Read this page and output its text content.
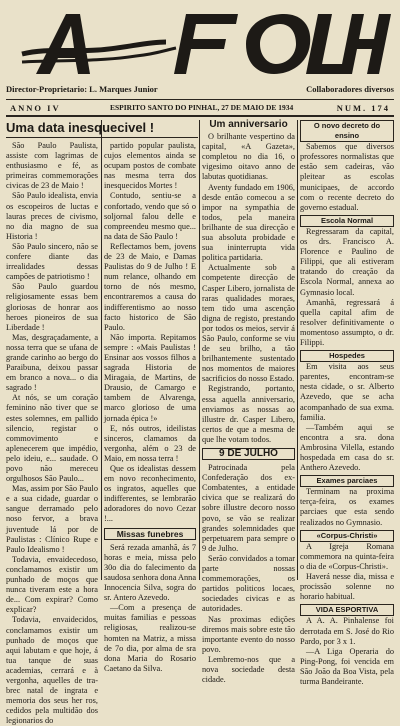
A FOLHA
Director-Proprietario: L. Marques Junior	Collaboradores diversos
ANNO IV	ESPIRITO SANTO DO PINHAL, 27 DE MAIO DE 1934	NUM. 174
Uma data inesquecivel !

São Paulo Paulista, assiste com lagrimas de enthusiasmo e fé, as primeiras commemorações civicas de 23 de Maio !

São Paulo idealista, envia os escopeiros de luctas e lauras preces de civismo, no dia magno de sua Historia !

São Paulo sincero, não se confere diante das irrealidades dessas campões de patriotismo !

São Paulo guardou religiosamente essas bem gloriosas de honrar aos heroes pioneiros de sua Liberdade !

Mas, desgraçadamente, a nossa terra que se ufana de grande carinho ao bergo do Paraibuna, deixou passar em branco a nova... o dia sagrado !

At nós, se um coração feminino não tiver que se estes solemnes, em pallido silencio, registar o commovimento e aplenecerem que impédio, pelo ideiu, e... saudade. O povo não mereceu orgulhosos São Paulo...

Mas, assim por São Paulo e a sua cidade, guardar o sangue derramado pelo noso fervor, a brava juventude lá por de Paulistas : Clínico Rupe e Paulo Idealismo !

Todavia, envaidecedoso, conclamamos existir um punhado de moços que nunca tiveram este a hora de... Com expirar? Como explicar?

Todavia, envaidecidos, conclamamos existir um punhado de moços que aqui labutam e que hoje, á tua tanque de suas academias, cerrará e à vergonha, aquelles de tra-brec natal de ingrata e memoria dos seus her ros, cedidos pela multidão dos legionarios do

partido popular paulista, cujos elementos ainda se ocupam postos de combate nas mesma terra dos inesquecidos Mortes !

Contudo, sentiu-se a confortado, vendo que só o soljornal falou delle e compreendeu mesmo que... na data de São Paulo !

Reflectamos bem, jovens de 23 de Maio, e Damas Paulistas do 9 de Julho ! E num relance, olhando em torno de nós mesmo, encontraremos a causa do indifferentismo ao nosso facto historico de São Paulo.

Não importa. Repitamos sempre : «Mais Paulistas ! Ensinar aos vossos filhos a sagrada Historia de Miragaia, de Martins, de Drausio, de Camargo e tambem de Alvarenga, marco glorioso de uma jornada épica !»

E, nós outros, ideilistas sinceros, clamamos da vergonha, além o 23 de Maio, em nossa terra !

Que os idealistas dessem em novo reconhecimento, os ingratos, aquelles que indifferentes, se lembrarão adoradores do novo Cezar !...

Missas funebres

Será rezada amanhã, ás 7 horas e meia, missa pelo 30o dia do falecimento da saudosa senhora dona Anna Innocencia Silva, sogra do sr. Antero Azevedo.

—Com a presença de muitas familias e pessoas religiosas, realizou-se homten na Matriz, a missa de 7o dia, por alma de sra dona Maria do Rosario Caetano da Silva.

Um anniversario

O brilhante vespertino da capital, «A Gazeta», completou no dia 16, o vigesimo oitavo anno de labutas quotidianas.

Aventy fundado em 1906, desde então comecou a se impor na sympathia de todos, pela maneira brilhante de sua direcção e sua absoluta probidade e sua ininterrupta vida politica partidaria.

Actualmente sob a competente direcção de Casper Libero, jornalista de raras qualidades moraes, tem tido uma ascenção digna de registo, prestando por todos os meios, servir á São Paulo, conforme se viu de seu brilho, a tão brilhantemente sustentado nos momentos de maiores sacrificios do nosso Estado.

Registrando, portanto, essa aquella anniversario, enviamos as nossas ao illustre dr. Casper Libero, certos de que a mesma de que lhe votam todos.

9 DE JULHO

Patrocinada pela Confederação dos ex-Combatentes, a entidade civica que se realizará do sobre illustre decoro nosso povo, se vão se realizar grandes solemnidades que perpetuarem para sempre o 9 de Julho.

Serão convidados a tomar parte nossas commemorações, os partidos politicos locaes, sociedades civicas e as autoridades.

Nas proximas edições diremos mais sobre este tão importante evento do nosso povo.

Lembremo-nos que a nova sociedade desta cidade.

O novo decreto do ensino

Sabemos que diversos professores normalistas que estão sem cadeiras, vão pleitear as escolas municipaes, de accordo com o recente decreto do governo estadual.

Escola Normal

Regressaram da capital, os drs. Francisco A. Florence e Paulino de Filippi, que ali estiveram tratando do creação da Escola Normal, annexa ao Gymnasio local.

Amanhã, regressará á quella capital afim de resolver definitivamente o momentoso assumpto, o dr. Filippi.

Hospedes

Em visita aos seus parentes, encontram-se nesta cidade, o sr. Alberto Azevedo, que se acha acompanhado de sua exma. familia.

—Também aqui se encontra a sra. dona Ambrosina Vilella, estando hospedada em casa do sr. Anthero Azevedo.

Exames parciaes

Terminam na proxima terça-feira, os exames parciaes que esta sendo realizados no Gymnasio.

«Corpus-Christi»

A Igreja Romana commemora na quinta-feira o dia de «Corpus-Christi».

Haverá nesse dia, missa e procissão solenne no horario habitual.

VIDA ESPORTIVA

A A. A. Pinhalense foi derrotada em S. José do Rio Pardo, por 3 x 1.

—A Liga Operaria do Ping-Pong, foi vencida em São João da Boa Vista, pela turma Bandeirante.
